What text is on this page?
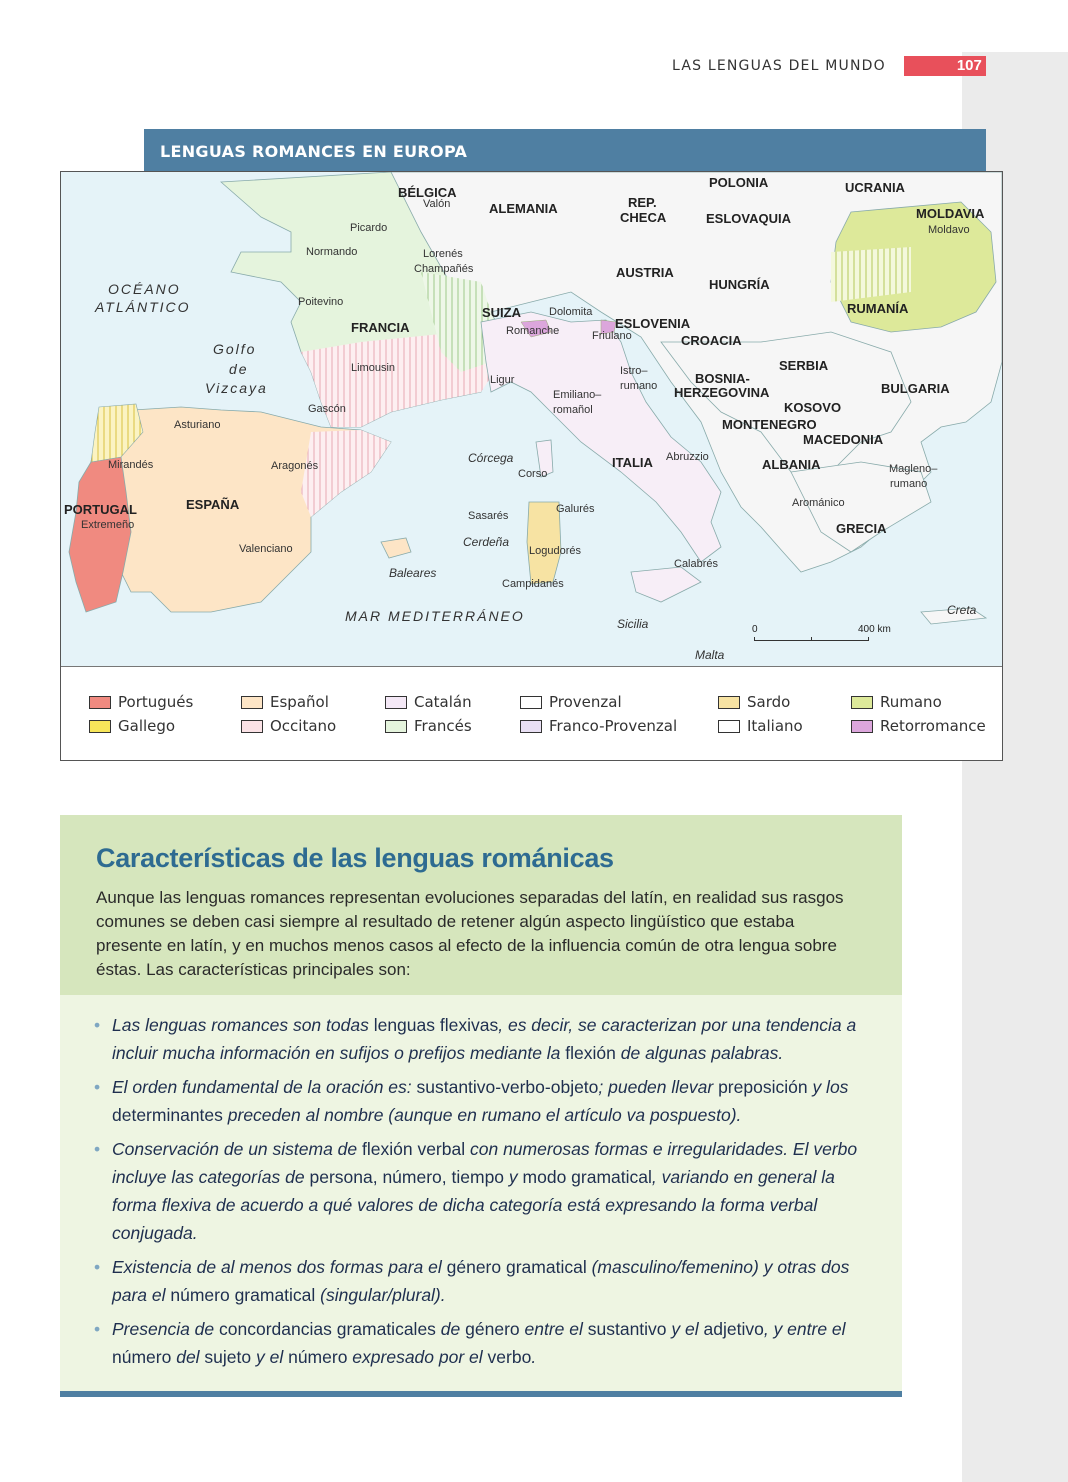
LAS LENGUAS DEL MUNDO	107
LENGUAS ROMANCES EN EUROPA
BÉLGICA
ALEMANIA	REP.
CHECA
POLONIA	UCRANIA
MOLDAVIA
ESLOVAQUIA
AUSTRIA
HUNGRÍA
RUMANÍA
FRANCIA
SUIZA
ESLOVENIA
CROACIA
SERBIA
BOSNIA-
HERZEGOVINA	BULGARIA
KOSOVO
MONTENEGRO
MACEDONIA
ALBANIA
ITALIA
GRECIA
PORTUGAL	ESPAÑA
Valón
Picardo
Normando	Lorenés
Champañés
Poitevino
Limousin
Gascón
Asturiano
Mirandés	Aragonés
Extremeño
Valenciano
Romanche
Dolomita
Friulano
Ligur
Emiliano–
romañol
Istro–
rumano
Moldavo
Córcega
Corso
Abruzzio
Sasarés
Galurés
Cerdeña
Logudorés
Campidanés
Calabrés
Arománico
Magleno–
rumano
OCÉANO
ATLÁNTICO
Golfo
de
Vizcaya
MAR MEDITERRÁNEO
Baleares
Sicilia
Malta
Creta
0	400 km
Portugués
Gallego
Español
Occitano
Catalán
Francés
Provenzal
Franco-Provenzal
Sardo
Italiano
Rumano
Retorromance
Características de las lenguas románicas

Aunque las lenguas romances representan evoluciones separadas del latín, en realidad sus rasgos comunes se deben casi siempre al resultado de retener algún aspecto lingüístico que estaba presente en latín, y en muchos menos casos al efecto de la influencia común de otra lengua sobre éstas. Las características principales son:

• Las lenguas romances son todas lenguas flexivas, es decir, se caracterizan por una tendencia a incluir mucha información en sufijos o prefijos mediante la flexión de algunas palabras.
• El orden fundamental de la oración es: sustantivo-verbo-objeto; pueden llevar preposición y los determinantes preceden al nombre (aunque en rumano el artículo va pospuesto).
• Conservación de un sistema de flexión verbal con numerosas formas e irregularidades. El verbo incluye las categorías de persona, número, tiempo y modo gramatical, variando en general la forma flexiva de acuerdo a qué valores de dicha categoría está expresando la forma verbal conjugada.
• Existencia de al menos dos formas para el género gramatical (masculino/femenino) y otras dos para el número gramatical (singular/plural).
• Presencia de concordancias gramaticales de género entre el sustantivo y el adjetivo, y entre el número del sujeto y el número expresado por el verbo.
